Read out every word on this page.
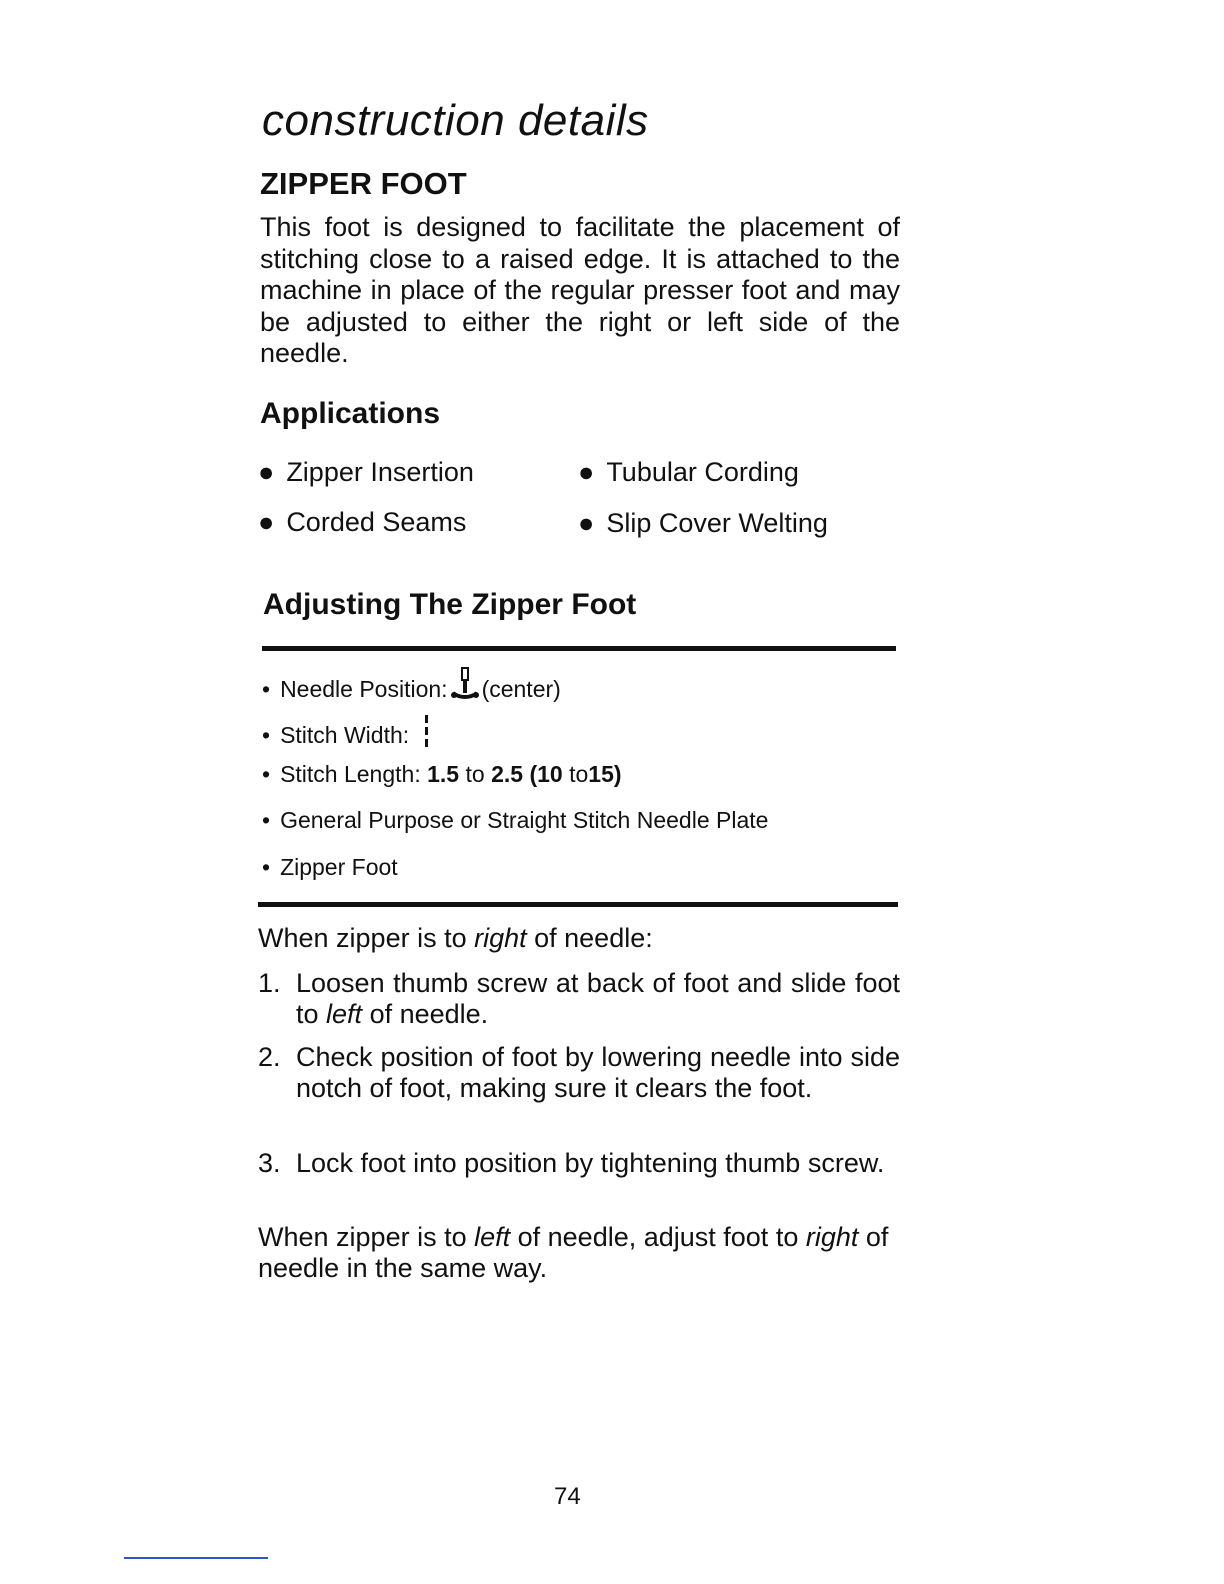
construction details
ZIPPER FOOT

This foot is designed to facilitate the placement of stitching close to a raised edge. It is attached to the machine in place of the regular presser foot and may be adjusted to either the right or left side of the needle.

Applications
● Zipper Insertion	● Tubular Cording
● Corded Seams	● Slip Cover Welting
Adjusting The Zipper Foot
• Needle Position: (center)
• Stitch Width:
• Stitch Length: 1.5 to 2.5 (10 to15)
• General Purpose or Straight Stitch Needle Plate
• Zipper Foot

When zipper is to right of needle:

1. Loosen thumb screw at back of foot and slide foot to left of needle.
2. Check position of foot by lowering needle into side notch of foot, making sure it clears the foot.
3. Lock foot into position by tightening thumb screw.

When zipper is to left of needle, adjust foot to right of needle in the same way.

74
